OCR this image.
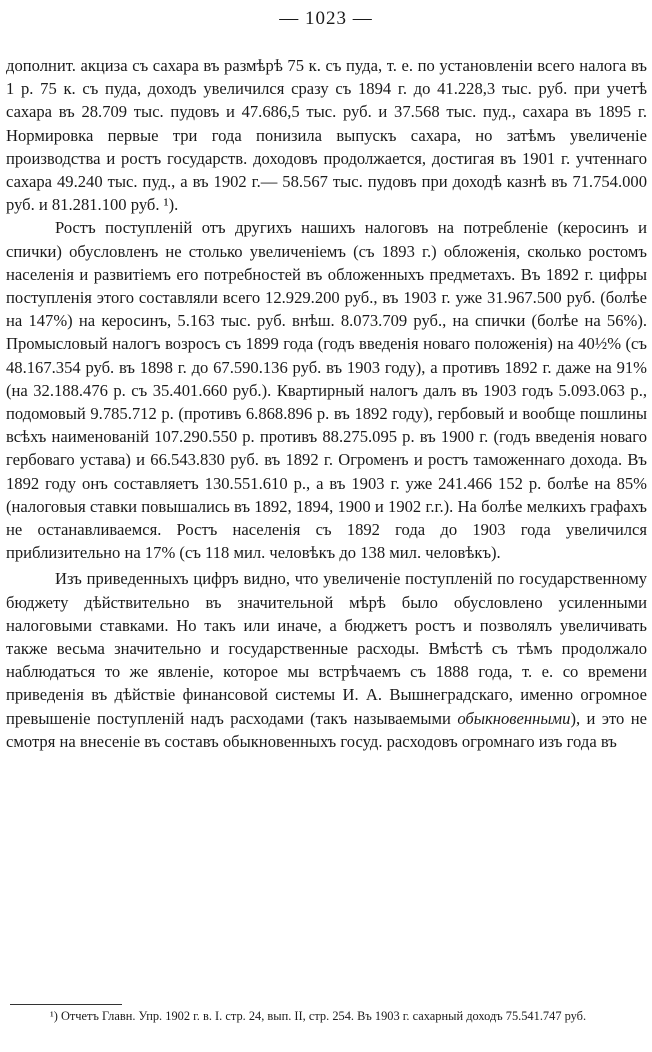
— 1023 —

дополнит. акциза съ сахара въ размѣрѣ 75 к. съ пуда, т. е. по установленіи всего налога въ 1 р. 75 к. съ пуда, доходъ увеличился сразу съ 1894 г. до 41.228,3 тыс. руб. при учетѣ сахара въ 28.709 тыс. пудовъ и 47.686,5 тыс. руб. и 37.568 тыс. пуд., сахара въ 1895 г. Нормировка первые три года понизила выпускъ сахара, но затѣмъ увеличеніе производства и ростъ государств. доходовъ продолжается, достигая въ 1901 г. учтеннаго сахара 49.240 тыс. пуд., а въ 1902 г.— 58.567 тыс. пудовъ при доходѣ казнѣ въ 71.754.000 руб. и 81.281.100 руб. ¹).

Ростъ поступленій отъ другихъ нашихъ налоговъ на потребленіе (керосинъ и спички) обусловленъ не столько увеличеніемъ (съ 1893 г.) обложенія, сколько ростомъ населенія и развитіемъ его потребностей въ обложенныхъ предметахъ. Въ 1892 г. цифры поступленія этого составляли всего 12.929.200 руб., въ 1903 г. уже 31.967.500 руб. (болѣе на 147%) на керосинъ, 5.163 тыс. руб. внѣш. 8.073.709 руб., на спички (болѣе на 56%). Промысловый налогъ возросъ съ 1899 года (годъ введенія новаго положенія) на 40½% (съ 48.167.354 руб. въ 1898 г. до 67.590.136 руб. въ 1903 году), а противъ 1892 г. даже на 91% (на 32.188.476 р. съ 35.401.660 руб.). Квартирный налогъ далъ въ 1903 годъ 5.093.063 р., подомовый 9.785.712 р. (противъ 6.868.896 р. въ 1892 году), гербовый и вообще пошлины всѣхъ наименованій 107.290.550 р. противъ 88.275.095 р. въ 1900 г. (годъ введенія новаго гербоваго устава) и 66.543.830 руб. въ 1892 г. Огроменъ и ростъ таможеннаго дохода. Въ 1892 году онъ составляетъ 130.551.610 р., а въ 1903 г. уже 241.466 152 р. болѣе на 85% (налоговыя ставки повышались въ 1892, 1894, 1900 и 1902 г.г.). На болѣе мелкихъ графахъ не останавливаемся. Ростъ населенія съ 1892 года до 1903 года увеличился приблизительно на 17% (съ 118 мил. человѣкъ до 138 мил. человѣкъ).

Изъ приведенныхъ цифръ видно, что увеличеніе поступленій по государственному бюджету дѣйствительно въ значительной мѣрѣ было обусловлено усиленными налоговыми ставками. Но такъ или иначе, а бюджетъ ростъ и позволялъ увеличивать также весьма значительно и государственные расходы. Вмѣстѣ съ тѣмъ продолжало наблюдаться то же явленіе, которое мы встрѣчаемъ съ 1888 года, т. е. со времени приведенія въ дѣйствіе финансовой системы И. А. Вышнеградскаго, именно огромное превышеніе поступленій надъ расходами (такъ называемыми обыкновенными), и это не смотря на внесеніе въ составъ обыкновенныхъ госуд. расходовъ огромнаго изъ года въ

¹) Отчетъ Главн. Упр. 1902 г. в. I. стр. 24, вып. II, стр. 254. Въ 1903 г. сахарный доходъ 75.541.747 руб.
